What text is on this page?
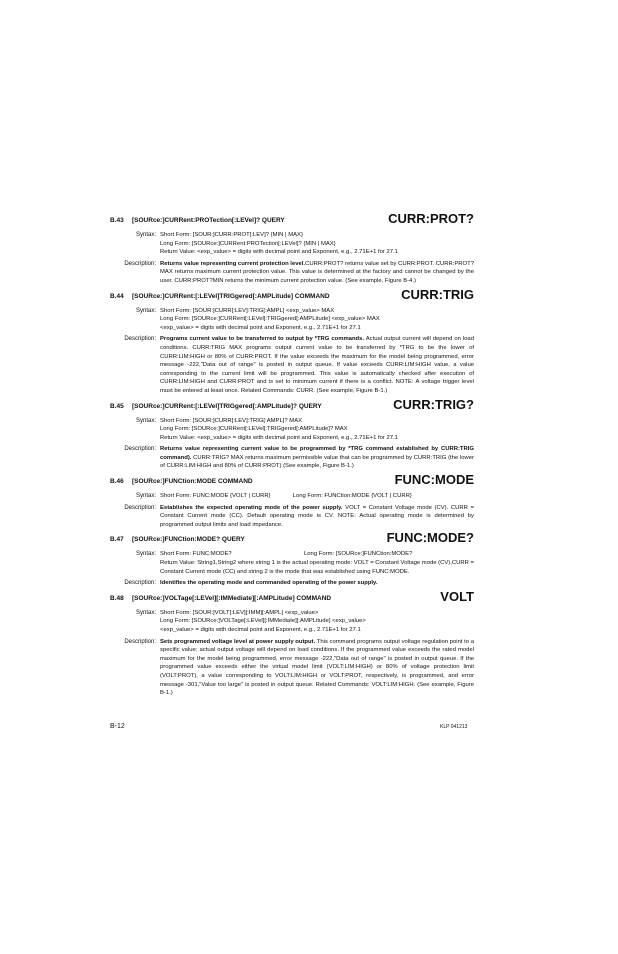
B.43 [SOURce:]CURRent:PROTection[:LEVel]? QUERY	CURR:PROT?
Syntax: Short Form: [SOUR:]CURR:PROT[:LEV]? {MIN | MAX}
Long Form: [SOURce:]CURRent:PROTection[:LEVel]? {MIN | MAX}
Return Value: <exp_value> = digits with decimal point and Exponent, e.g., 2.71E+1 for 27.1
Description: Returns value representing current protection level.CURR:PROT? returns value set by CURR:PROT. CURR:PROT?MAX returns maximum current protection value. This value is determined at the factory and cannot be changed by the user. CURR:PROT?MIN returns the minimum current protection value. (See example, Figure B-4.)
B.44 [SOURce:]CURRent:[:LEVel]TRIGgered[:AMPLitude] COMMAND	CURR:TRIG
Syntax: Short Form: [SOUR:]CURR[:LEV]:TRIG[:AMPL] <exp_value> MAX
Long Form: [SOURce:]CURRent[:LEVel]:TRIGgered[:AMPLitude] <exp_value> MAX
<exp_value> = digits with decimal point and Exponent, e.g., 2.71E+1 for 27.1
Description: Programs current value to be transferred to output by *TRG commands. Actual output current will depend on load conditions. CURR:TRIG MAX programs output current value to be transferred by *TRG to be the lower of CURR:LIM:HIGH or 80% of CURR:PROT. If the value exceeds the maximum for the model being programmed, error message -222,"Data out of range" is posted in output queue. If value exceeds CURR:LIM:HIGH value, a value corresponding to the current limit will be programmed. This value is automatically checked after execution of CURR:LIM:HIGH and CURR:PROT and is set to minimum current if there is a conflict. NOTE: A voltage trigger level must be entered at least once. Related Commands: CURR. (See example, Figure B-1.)
B.45 [SOURce:]CURRent:[:LEVel]TRIGgered[:AMPLitude]? QUERY	CURR:TRIG?
Syntax: Short Form: [SOUR:]CURR[:LEV]:TRIG[:AMPL]? MAX
Long Form: [SOURce:]CURRent[:LEVel]:TRIGgered[:AMPLitude]? MAX
Return Value: <exp_value> = digits with decimal point and Exponent, e.g., 2.71E+1 for 27.1
Description: Returns value representing current value to be programmed by *TRG command established by CURR:TRIG command). CURR:TRIG? MAX returns maximum permissible value that can be programmed by CURR:TRIG (the lower of CURR:LIM:HIGH and 80% of CURR:PROT) (See example, Figure B-1.)
B.46 [SOURce:]FUNCtion:MODE COMMAND	FUNC:MODE
Syntax: Short Form: FUNC:MODE {VOLT | CURR}	Long Form: FUNCtion:MODE {VOLT | CURR}
Description: Establishes the expected operating mode of the power supply. VOLT = Constant Voltage mode (CV). CURR = Constant Current mode (CC). Default operating mode is CV. NOTE: Actual operating mode is determined by programmed output limits and load impedance.
B.47 [SOURce:]FUNCtion:MODE? QUERY	FUNC:MODE?
Syntax: Short Form: FUNC:MODE?	Long Form: [SOURce:]FUNCtion:MODE?
Return Value: String1,String2 where string 1 is the actual operating mode: VOLT = Constant Voltage mode (CV),CURR = Constant Current mode (CC) and string 2 is the mode that was established using FUNC:MODE.
Description: Identifies the operating mode and commanded operating of the power supply.
B.48 [SOURce:]VOLTage[:LEVel][:IMMediate][:AMPLitude] COMMAND	VOLT
Syntax: Short Form: [SOUR:]VOLT[:LEV][:IMM][:AMPL] <exp_value>
Long Form: [SOURce:]VOLTage[:LEVel][:IMMediate][:AMPLitude] <exp_value>
<exp_value> = digits with decimal point and Exponent, e.g., 2.71E+1 for 27.1
Description: Sets programmed voltage level at power supply output. This command programs output voltage regulation point to a specific value; actual output voltage will depend on load conditions. If the programmed value exceeds the rated model maximum for the model being programmed, error message -222,"Data out of range" is posted in output queue. If the programmed value exceeds either the virtual model limit (VOLT:LIM:HIGH) or 80% of voltage protection limit (VOLT:PROT), a value corresponding to VOLT:LIM:HIGH or VOLT:PROT, respectively, is programmed, and error message -301,"Value too large" is posted in output queue. Related Commands: VOLT:LIM:HIGH. (See example, Figure B-1.)
B-12	KLP 041213
